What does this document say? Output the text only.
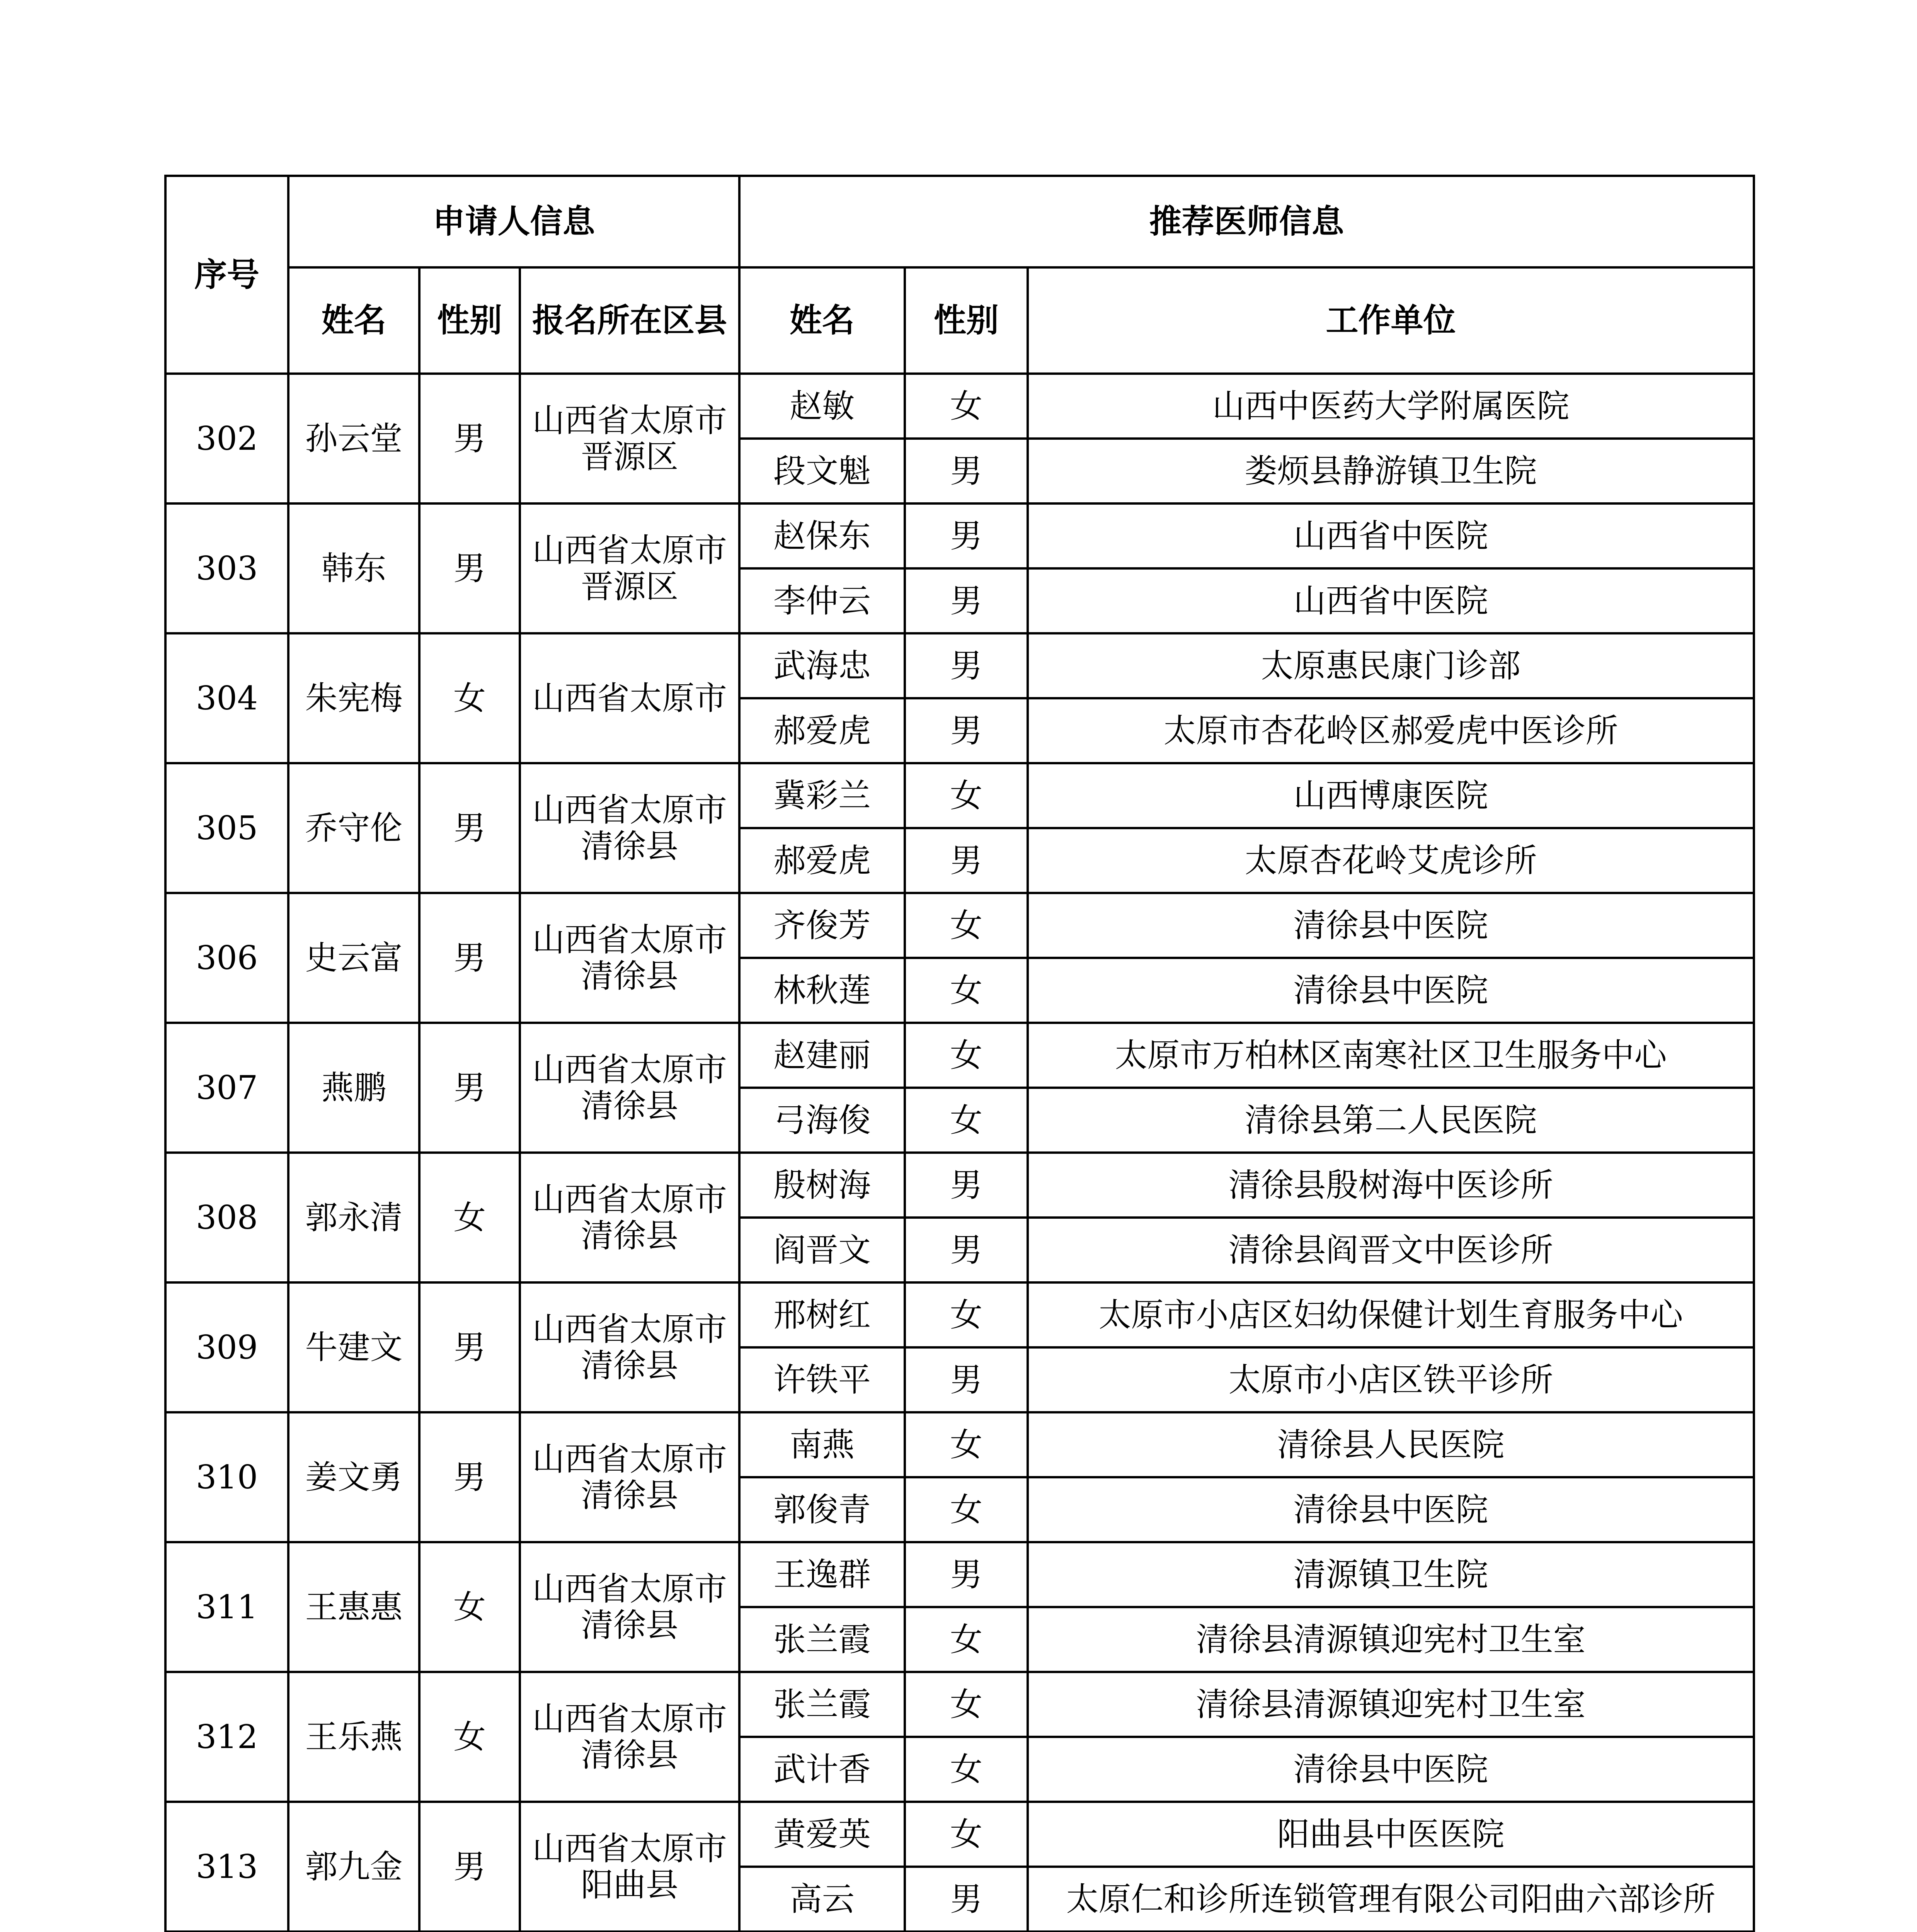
序号	申请人信息			推荐医师信息		
	姓名	性别	报名所在区县	姓名	性别	工作单位
302	孙云堂	男	山西省太原市晋源区	赵敏	女	山西中医药大学附属医院
				段文魁	男	娄烦县静游镇卫生院
303	韩东	男	山西省太原市晋源区	赵保东	男	山西省中医院
				李仲云	男	山西省中医院
304	朱宪梅	女	山西省太原市	武海忠	男	太原惠民康门诊部
				郝爱虎	男	太原市杏花岭区郝爱虎中医诊所
305	乔守伦	男	山西省太原市清徐县	冀彩兰	女	山西博康医院
				郝爱虎	男	太原杏花岭艾虎诊所
306	史云富	男	山西省太原市清徐县	齐俊芳	女	清徐县中医院
				林秋莲	女	清徐县中医院
307	燕鹏	男	山西省太原市清徐县	赵建丽	女	太原市万柏林区南寒社区卫生服务中心
				弓海俊	女	清徐县第二人民医院
308	郭永清	女	山西省太原市清徐县	殷树海	男	清徐县殷树海中医诊所
				阎晋文	男	清徐县阎晋文中医诊所
309	牛建文	男	山西省太原市清徐县	邢树红	女	太原市小店区妇幼保健计划生育服务中心
				许铁平	男	太原市小店区铁平诊所
310	姜文勇	男	山西省太原市清徐县	南燕	女	清徐县人民医院
				郭俊青	女	清徐县中医院
311	王惠惠	女	山西省太原市清徐县	王逸群	男	清源镇卫生院
				张兰霞	女	清徐县清源镇迎宪村卫生室
312	王乐燕	女	山西省太原市清徐县	张兰霞	女	清徐县清源镇迎宪村卫生室
				武计香	女	清徐县中医院
313	郭九金	男	山西省太原市阳曲县	黄爱英	女	阳曲县中医医院
				高云	男	太原仁和诊所连锁管理有限公司阳曲六部诊所
